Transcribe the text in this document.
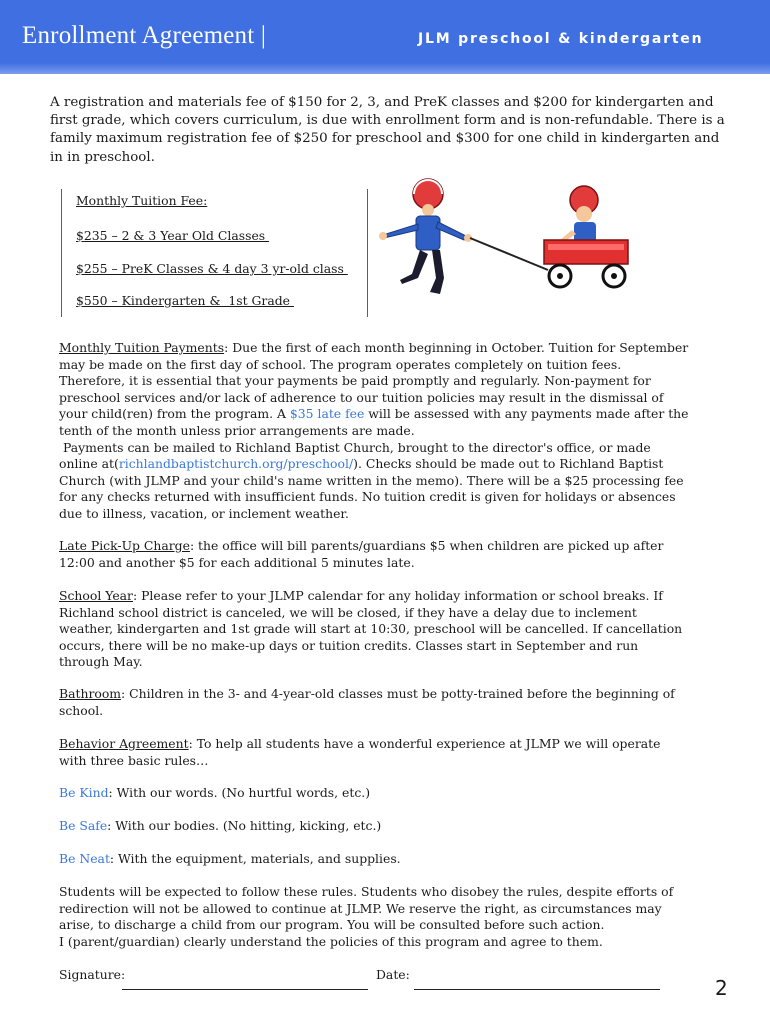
Enrollment Agreement |	JLM preschool & kindergarten
A registration and materials fee of $150 for 2, 3, and PreK classes and $200 for kindergarten and first grade, which covers curriculum, is due with enrollment form and is non-refundable. There is a family maximum registration fee of $250 for preschool and $300 for one child in kindergarten and in in preschool.
Monthly Tuition Fee:
$235 – 2 & 3 Year Old Classes
$255 – PreK Classes & 4 day 3 yr-old class
$550 – Kindergarten &  1st Grade
Monthly Tuition Payments: Due the first of each month beginning in October. Tuition for September may be made on the first day of school. The program operates completely on tuition fees. Therefore, it is essential that your payments be paid promptly and regularly. Non-payment for preschool services and/or lack of adherence to our tuition policies may result in the dismissal of your child(ren) from the program. A $35 late fee will be assessed with any payments made after the tenth of the month unless prior arrangements are made.
Payments can be mailed to Richland Baptist Church, brought to the director's office, or made online at(richlandbaptistchurch.org/preschool/). Checks should be made out to Richland Baptist Church (with JLMP and your child's name written in the memo). There will be a $25 processing fee for any checks returned with insufficient funds. No tuition credit is given for holidays or absences due to illness, vacation, or inclement weather.
Late Pick-Up Charge: the office will bill parents/guardians $5 when children are picked up after 12:00 and another $5 for each additional 5 minutes late.
School Year: Please refer to your JLMP calendar for any holiday information or school breaks. If Richland school district is canceled, we will be closed, if they have a delay due to inclement weather, kindergarten and 1st grade will start at 10:30, preschool will be cancelled. If cancellation occurs, there will be no make-up days or tuition credits. Classes start in September and run through May.
Bathroom: Children in the 3- and 4-year-old classes must be potty-trained before the beginning of school.
Behavior Agreement: To help all students have a wonderful experience at JLMP we will operate with three basic rules…
Be Kind: With our words. (No hurtful words, etc.)
Be Safe: With our bodies. (No hitting, kicking, etc.)
Be Neat: With the equipment, materials, and supplies.
Students will be expected to follow these rules. Students who disobey the rules, despite efforts of redirection will not be allowed to continue at JLMP. We reserve the right, as circumstances may arise, to discharge a child from our program. You will be consulted before such action.
I (parent/guardian) clearly understand the policies of this program and agree to them.
Signature:	Date:
2
